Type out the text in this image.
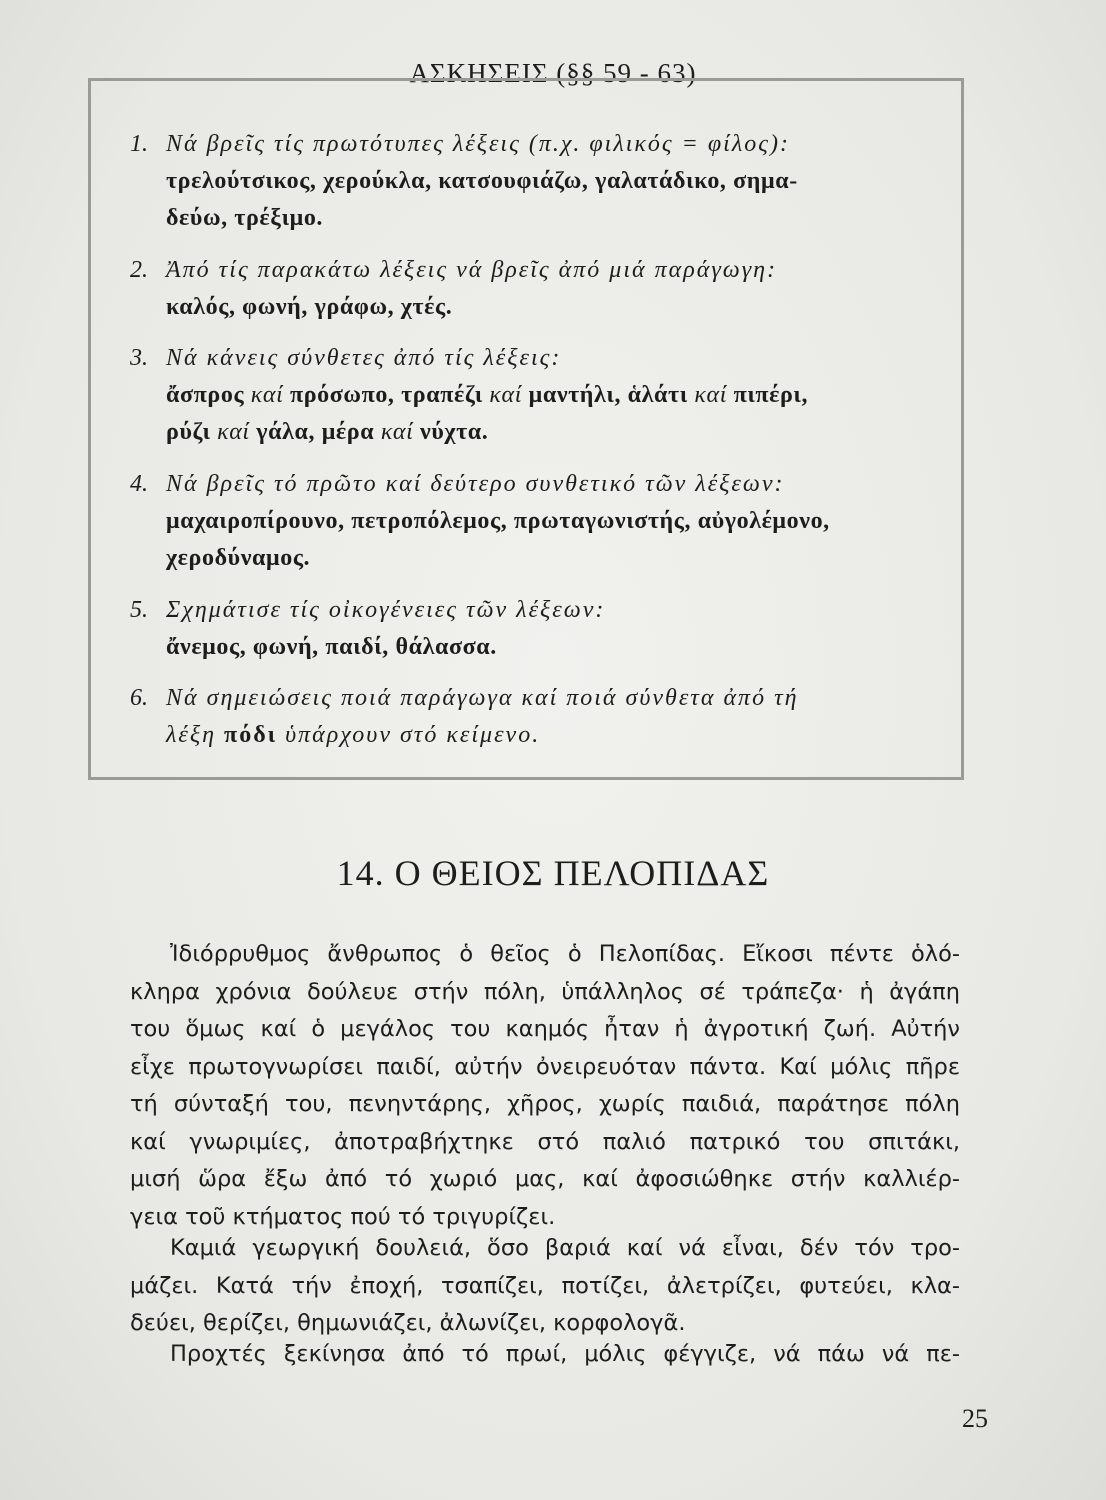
ΑΣΚΗΣΕΙΣ (§§ 59 - 63)
1. Νά βρεῖς τίς πρωτότυπες λέξεις (π.χ. φιλικός = φίλος):
τρελούτσικος, χερούκλα, κατσουφιάζω, γαλατάδικο, σημα-
δεύω, τρέξιμο.
2. Ἀπό τίς παρακάτω λέξεις νά βρεῖς ἀπό μιά παράγωγη:
καλός, φωνή, γράφω, χτές.
3. Νά κάνεις σύνθετες ἀπό τίς λέξεις:
ἄσπρος καί πρόσωπο, τραπέζι καί μαντήλι, ἁλάτι καί πιπέρι,
ρύζι καί γάλα, μέρα καί νύχτα.
4. Νά βρεῖς τό πρῶτο καί δεύτερο συνθετικό τῶν λέξεων:
μαχαιροπίρουνο, πετροπόλεμος, πρωταγωνιστής, αὐγολέμονο,
χεροδύναμος.
5. Σχημάτισε τίς οἰκογένειες τῶν λέξεων:
ἄνεμος, φωνή, παιδί, θάλασσα.
6. Νά σημειώσεις ποιά παράγωγα καί ποιά σύνθετα ἀπό τή
λέξη πόδι ὑπάρχουν στό κείμενο.
14. Ο ΘΕΙΟΣ ΠΕΛΟΠΙΔΑΣ
Ἰδιόρρυθμος ἄνθρωπος ὁ θεῖος ὁ Πελοπίδας. Εἴκοσι πέντε ὁλό-
κληρα χρόνια δούλευε στήν πόλη, ὑπάλληλος σέ τράπεζα· ἡ ἀγάπη
του ὅμως καί ὁ μεγάλος του καημός ἦταν ἡ ἀγροτική ζωή. Αὐτήν
εἶχε πρωτογνωρίσει παιδί, αὐτήν ὀνειρευόταν πάντα. Καί μόλις πῆρε
τή σύνταξή του, πενηντάρης, χῆρος, χωρίς παιδιά, παράτησε πόλη
καί γνωριμίες, ἀποτραβήχτηκε στό παλιό πατρικό του σπιτάκι,
μισή ὥρα ἔξω ἀπό τό χωριό μας, καί ἀφοσιώθηκε στήν καλλιέρ-
γεια τοῦ κτήματος πού τό τριγυρίζει.
Καμιά γεωργική δουλειά, ὅσο βαριά καί νά εἶναι, δέν τόν τρο-
μάζει. Κατά τήν ἐποχή, τσαπίζει, ποτίζει, ἀλετρίζει, φυτεύει, κλα-
δεύει, θερίζει, θημωνιάζει, ἀλωνίζει, κορφολογᾶ.
Προχτές ξεκίνησα ἀπό τό πρωί, μόλις φέγγιζε, νά πάω νά πε-
25
